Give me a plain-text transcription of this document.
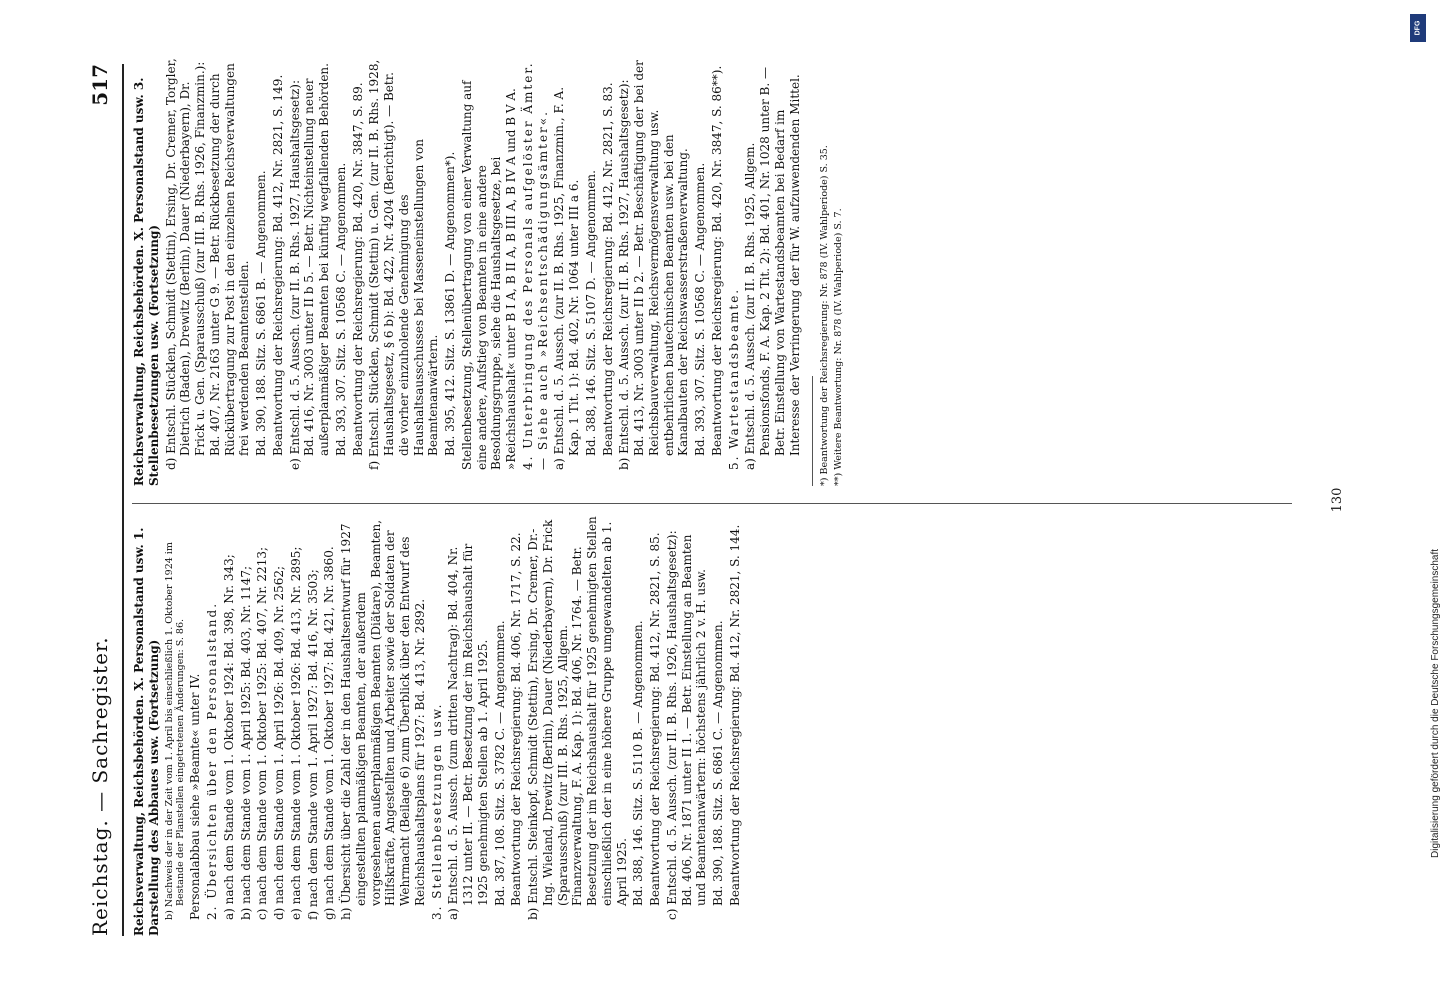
Reichstag. — Sachregister.
517

Reichsverwaltung, Reichsbehörden. X. Personalstand usw. 1. Darstellung des Abbaues usw. (Fortsetzung) b) Nachweis der in der Zeit vom 1. April bis einschließlich 1. Oktober 1924 im Bestande der Planstellen eingetretenen Änderungen: S. 86. Personalabbau siehe »Beamte« unter IV. 2. Übersichten über den Personalstand. a) nach dem Stande vom 1. Oktober 1924: Bd. 398, Nr. 343; b) nach dem Stande vom 1. April 1925: Bd. 403, Nr. 1147; c) nach dem Stande vom 1. Oktober 1925: Bd. 407, Nr. 2213; d) nach dem Stande vom 1. April 1926: Bd. 409, Nr. 2562; e) nach dem Stande vom 1. Oktober 1926: Bd. 413, Nr. 2895; f) nach dem Stande vom 1. April 1927: Bd. 416, Nr. 3503; g) nach dem Stande vom 1. Oktober 1927: Bd. 421, Nr. 3860. h) Übersicht über die Zahl der in den Haushaltsentwurf für 1927 eingestellten planmäßigen Beamten, der außerdem vorgesehenen außerplanmäßigen Beamten (Diätare), Beamten, Hilfskräfte, Angestellten und Arbeiter sowie der Soldaten der Wehrmacht (Beilage 6) zum Überblick über den Entwurf des Reichshaushaltsplans für 1927: Bd. 413, Nr. 2892. 3. Stellenbesetzungen usw. a) Entschl. d. 5. Aussch. (zum dritten Nachtrag): Bd. 404, Nr. 1312 unter II. — Betr. Besetzung der im Reichshaushalt für 1925 genehmigten Stellen ab 1. April 1925. Bd. 387, 108. Sitz. S. 3782 C. — Angenommen. Beantwortung der Reichsregierung: Bd. 406, Nr. 1717, S. 22. b) Entschl. Steinkopf, Schmidt (Stettin), Ersing, Dr. Cremer, Dr.-Ing. Wieland, Drewitz (Berlin), Dauer (Niederbayern), Dr. Frick (Sparausschuß) (zur III. B. Rhs. 1925, Allgem. Finanzverwaltung, F. A. Kap. 1): Bd. 406, Nr. 1764. — Betr. Besetzung der im Reichshaushalt für 1925 genehmigten Stellen einschließlich der in eine höhere Gruppe umgewandelten ab 1. April 1925. Bd. 388, 146. Sitz. S. 5110 B. — Angenommen. Beantwortung der Reichsregierung: Bd. 412, Nr. 2821, S. 85. c) Entschl. d. 5. Aussch. (zur II. B. Rhs. 1926, Haushaltsgesetz): Bd. 406, Nr. 1871 unter II 1. — Betr. Einstellung an Beamten und Beamtenanwärtern: höchstens jährlich 2 v. H. usw. Bd. 390, 188. Sitz. S. 6861 C. — Angenommen. Beantwortung der Reichsregierung: Bd. 412, Nr. 2821, S. 144.

Reichsverwaltung, Reichsbehörden. X. Personalstand usw. 3. Stellenbesetzungen usw. (Fortsetzung) d) Entschl. Stücklen, Schmidt (Stettin), Ersing, Dr. Cremer, Torgler, Dietrich (Baden), Drewitz (Berlin), Dauer (Niederbayern), Dr. Frick u. Gen. (Sparausschuß) (zur III. B. Rhs. 1926, Finanzmin.): Bd. 407, Nr. 2163 unter G 9. — Betr. Rückbesetzung der durch Rückübertragung zur Post in den einzelnen Reichsverwaltungen frei werdenden Beamtenstellen. Bd. 390, 188. Sitz. S. 6861 B. — Angenommen. Beantwortung der Reichsregierung: Bd. 412, Nr. 2821, S. 149. e) Entschl. d. 5. Aussch. (zur II. B. Rhs. 1927, Haushaltsgesetz): Bd. 416, Nr. 3003 unter II b 5. — Betr. Nichteinstellung neuer außerplanmäßiger Beamten bei künftig wegfallenden Behörden. Bd. 393, 307. Sitz. S. 10568 C. — Angenommen. Beantwortung der Reichsregierung: Bd. 420, Nr. 3847, S. 89. f) Entschl. Stücklen, Schmidt (Stettin) u. Gen. (zur II. B. Rhs. 1928, Haushaltsgesetz, § 6 b): Bd. 422, Nr. 4204 (Berichtigt). — Betr. die vorher einzuholende Genehmigung des Haushaltsausschusses bei Masseneinstellungen von Beamtenanwärtern. Bd. 395, 412. Sitz. S. 13861 D. — Angenommen*). Stellenbesetzung, Stellenübertragung von einer Verwaltung auf eine andere, Aufstieg von Beamten in eine andere Besoldungsgruppe, siehe die Haushaltsgesetze, bei »Reichshaushalt« unter B I A, B II A, B III A, B IV A und B V A. 4. Unterbringung des Personals aufgelöster Ämter. — Siehe auch »Reichsentschädigungsämter«. a) Entschl. d. 5. Aussch. (zur II. B. Rhs. 1925, Finanzmin., F. A. Kap. 1 Tit. 1): Bd. 402, Nr. 1064 unter III a 6. Bd. 388, 146. Sitz. S. 5107 D. — Angenommen. Beantwortung der Reichsregierung: Bd. 412, Nr. 2821, S. 83. b) Entschl. d. 5. Aussch. (zur II. B. Rhs. 1927, Haushaltsgesetz): Bd. 413, Nr. 3003 unter II b 2. — Betr. Beschäftigung der bei der Reichsbauverwaltung, Reichsvermögensverwaltung usw. entbehrlichen bautechnischen Beamten usw. bei den Kanalbauten der Reichswasserstraßenverwaltung. Bd. 393, 307. Sitz. S. 10568 C. — Angenommen. Beantwortung der Reichsregierung: Bd. 420, Nr. 3847, S. 86**). 5. Wartestandsbeamte. a) Entschl. d. 5. Aussch. (zur II. B. Rhs. 1925, Allgem. Pensionsfonds, F. A. Kap. 2 Tit. 2): Bd. 401, Nr. 1028 unter B. — Betr. Einstellung von Wartestandsbeamten bei Bedarf im Interesse der Verringerung der für W. aufzuwendenden Mittel. *) Beantwortung der Reichsregierung: Nr. 878 (IV. Wahlperiode) S. 35. **) Weitere Beantwortung: Nr. 878 (IV. Wahlperiode) S. 7.

130
DFG
Digitalisierung gefördert durch die Deutsche Forschungsgemeinschaft
